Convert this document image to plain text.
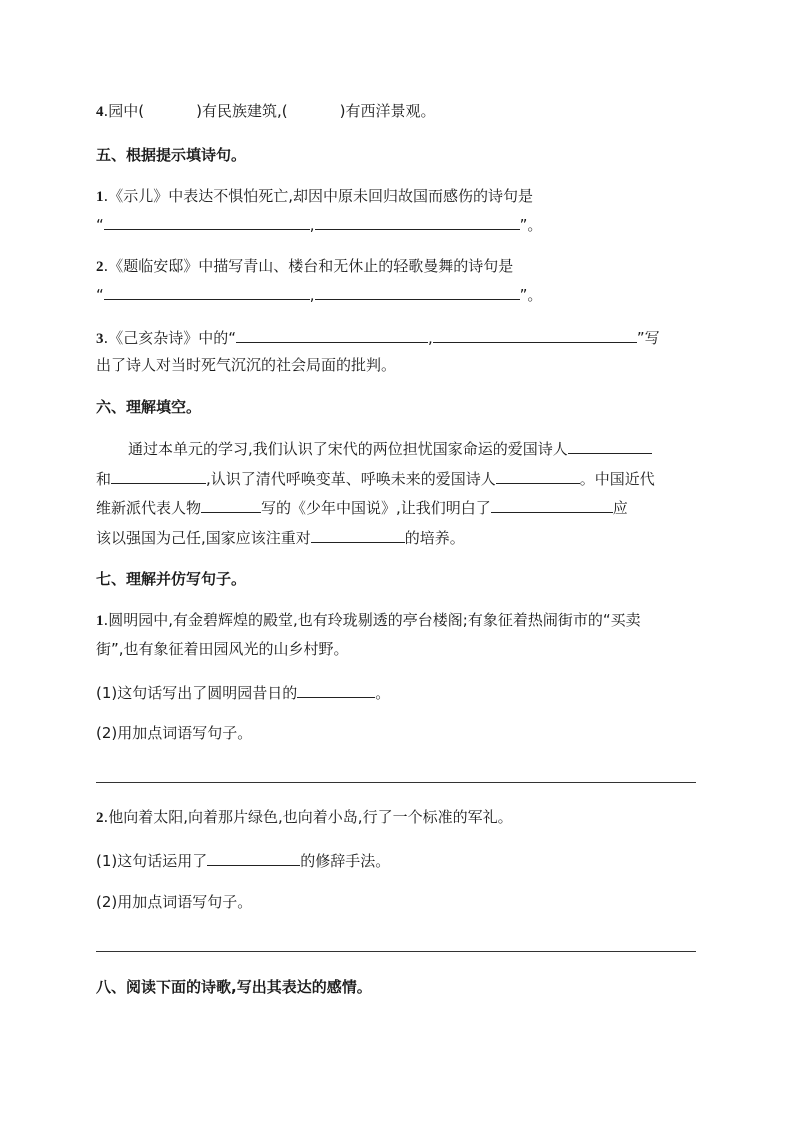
4.园中(	)有民族建筑,(	)有西洋景观。
五、根据提示填诗句。
1.《示儿》中表达不惧怕死亡,却因中原未回归故国而感伤的诗句是
“	,	”。
2.《题临安邸》中描写青山、楼台和无休止的轻歌曼舞的诗句是
“	,	”。
3.《己亥杂诗》中的“	,	”写
出了诗人对当时死气沉沉的社会局面的批判。
六、理解填空。
通过本单元的学习,我们认识了宋代的两位担忧国家命运的爱国诗人
和	,认识了清代呼唤变革、呼唤未来的爱国诗人	。中国近代
维新派代表人物	写的《少年中国说》,让我们明白了	应
该以强国为己任,国家应该注重对	的培养。
七、理解并仿写句子。
1.圆明园中,有金碧辉煌的殿堂,也有玲珑剔透的亭台楼阁;有象征着热闹街市的“买卖
街”,也有象征着田园风光的山乡村野。
(1)这句话写出了圆明园昔日的	。
(2)用加点词语写句子。
2.他向着太阳,向着那片绿色,也向着小岛,行了一个标准的军礼。
(1)这句话运用了	的修辞手法。
(2)用加点词语写句子。
八、阅读下面的诗歌,写出其表达的感情。
